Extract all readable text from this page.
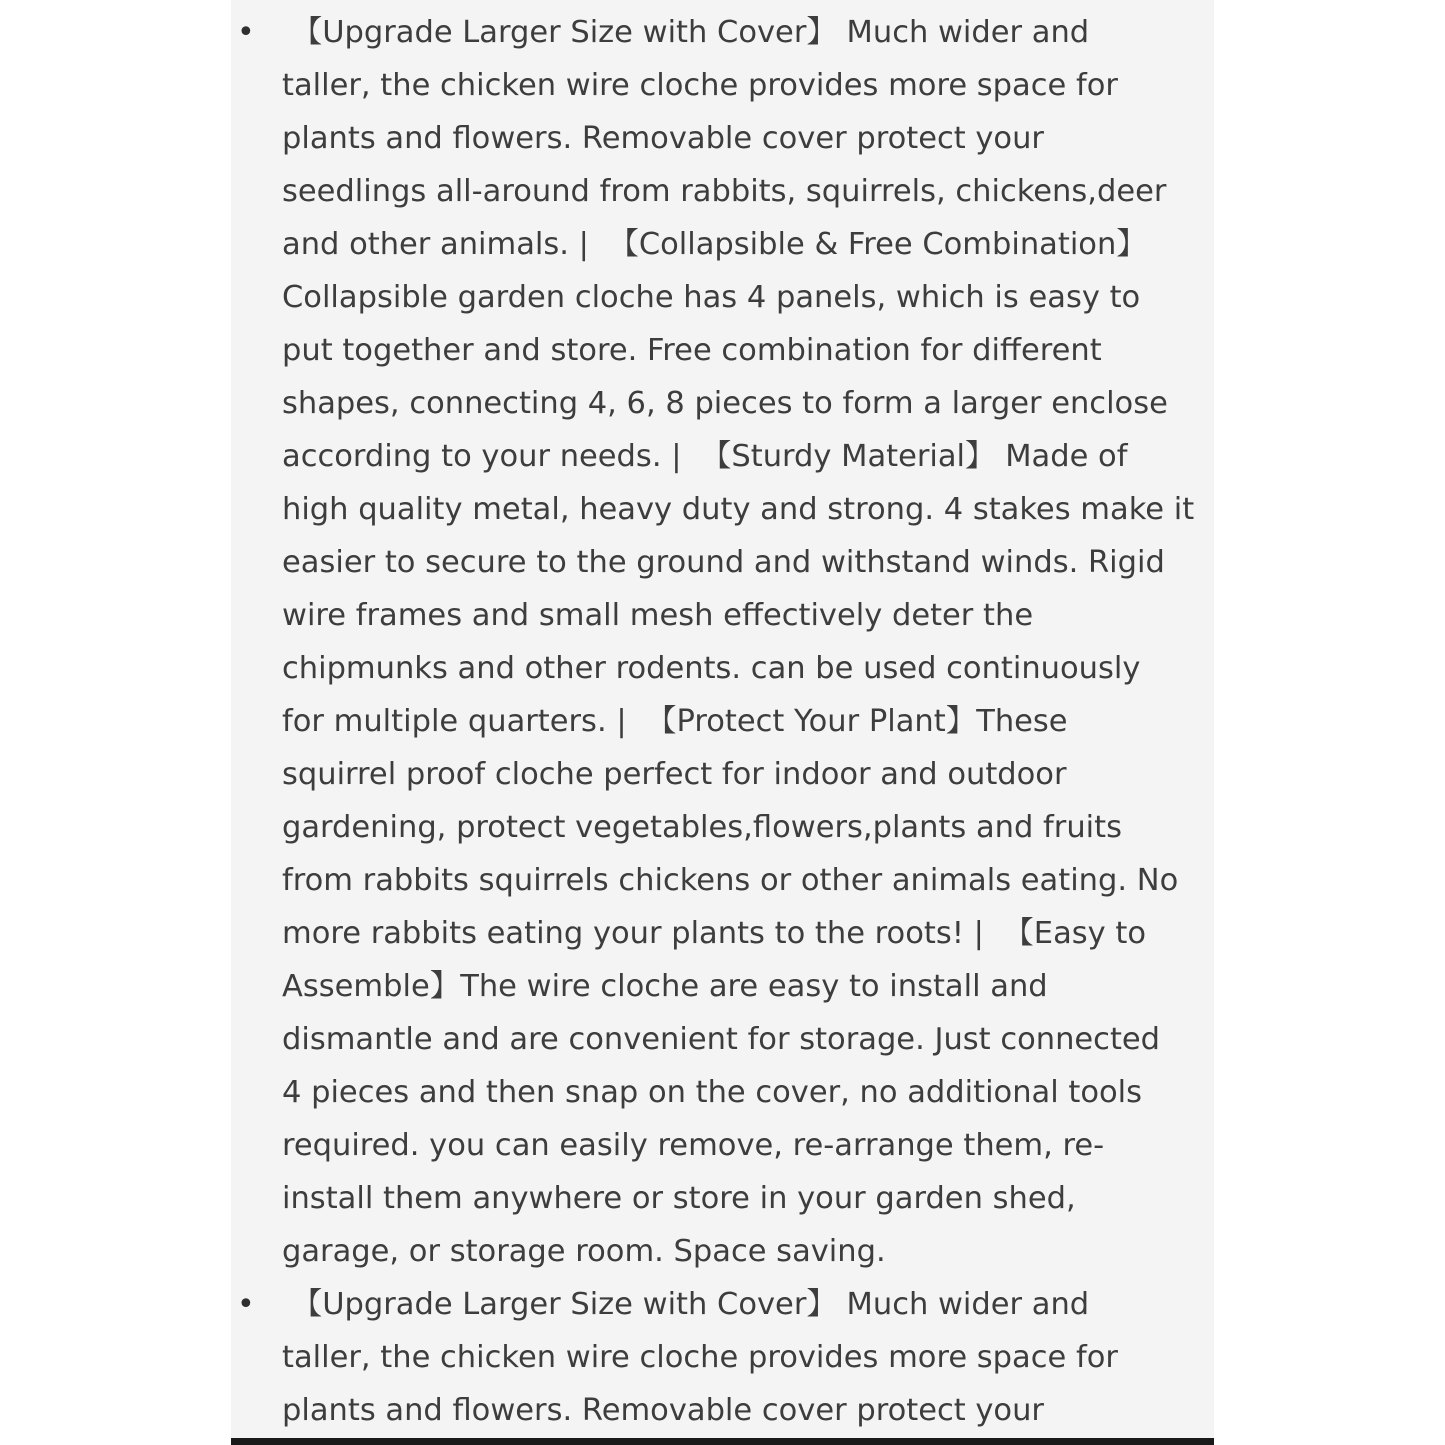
• 【Upgrade Larger Size with Cover】 Much wider and
taller, the chicken wire cloche provides more space for
plants and flowers. Removable cover protect your
seedlings all-around from rabbits, squirrels, chickens,deer
and other animals. |  【Collapsible & Free Combination】
Collapsible garden cloche has 4 panels, which is easy to
put together and store. Free combination for different
shapes, connecting 4, 6, 8 pieces to form a larger enclose
according to your needs. |  【Sturdy Material】 Made of
high quality metal, heavy duty and strong. 4 stakes make it
easier to secure to the ground and withstand winds. Rigid
wire frames and small mesh effectively deter the
chipmunks and other rodents. can be used continuously
for multiple quarters. |  【Protect Your Plant】These
squirrel proof cloche perfect for indoor and outdoor
gardening, protect vegetables,flowers,plants and fruits
from rabbits squirrels chickens or other animals eating. No
more rabbits eating your plants to the roots! |  【Easy to
Assemble】The wire cloche are easy to install and
dismantle and are convenient for storage. Just connected
4 pieces and then snap on the cover, no additional tools
required. you can easily remove, re-arrange them, re-
install them anywhere or store in your garden shed,
garage, or storage room. Space saving.
• 【Upgrade Larger Size with Cover】 Much wider and
taller, the chicken wire cloche provides more space for
plants and flowers. Removable cover protect your
